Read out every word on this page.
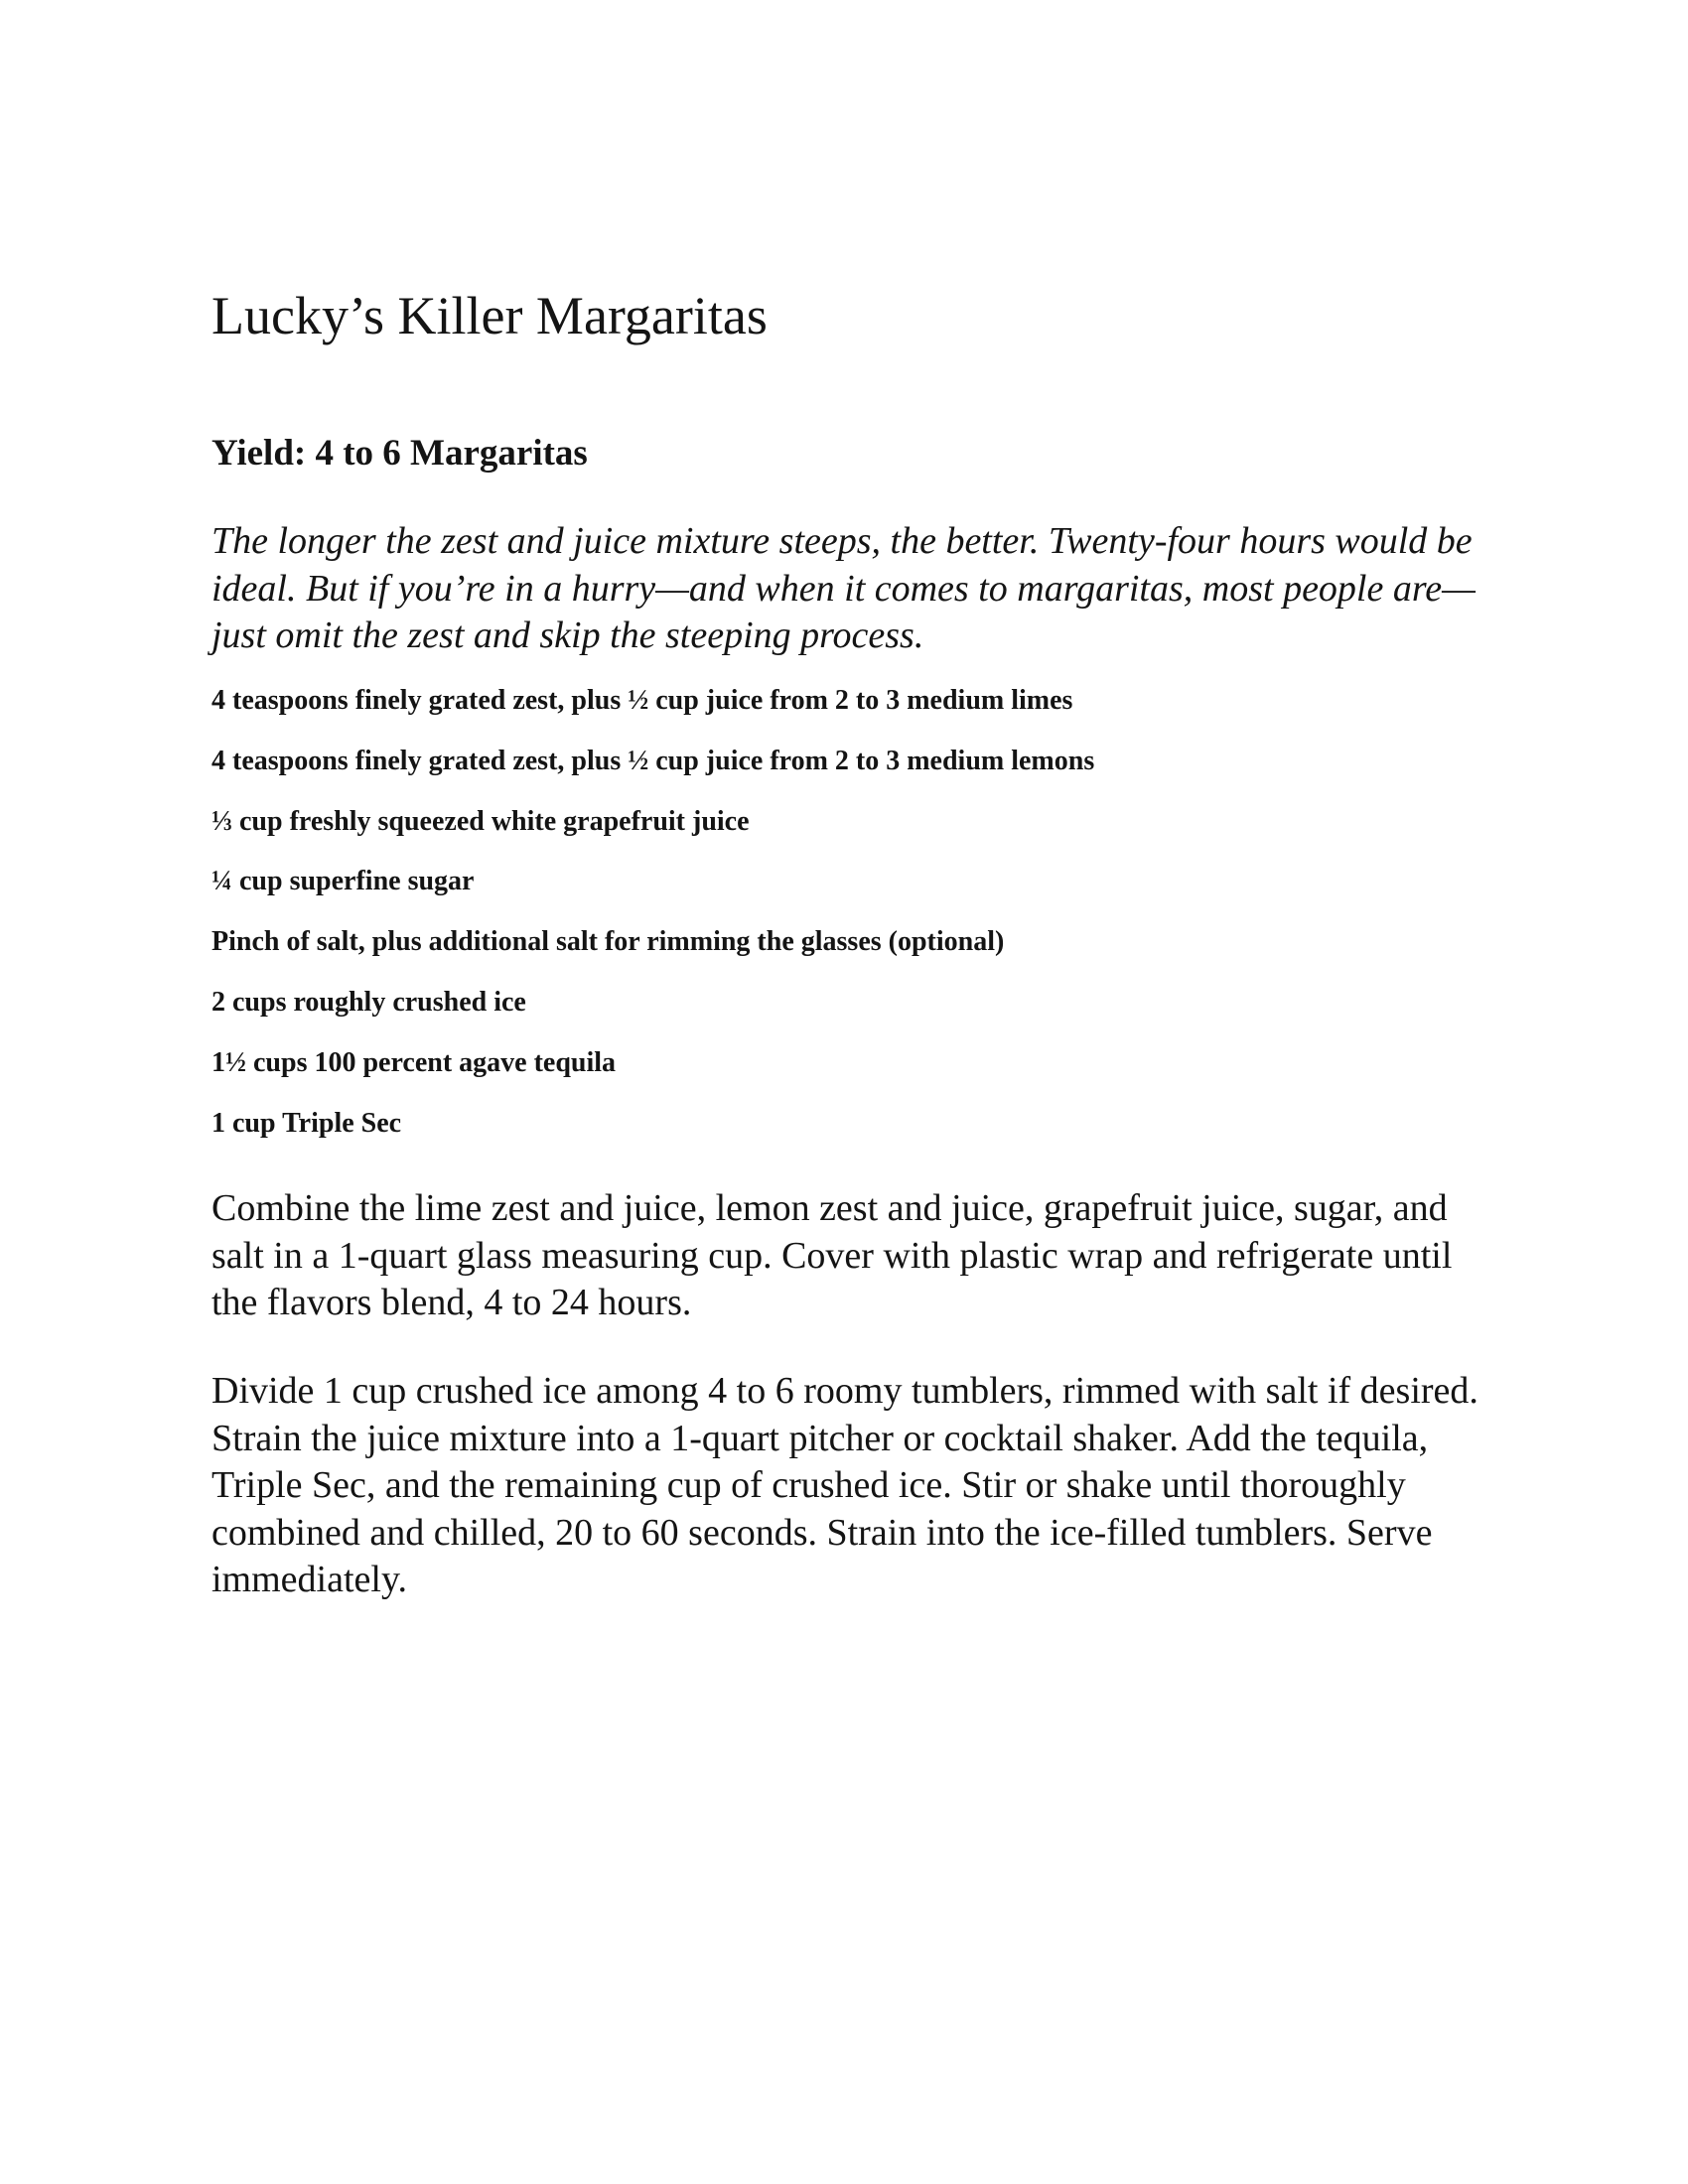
Lucky’s Killer Margaritas
Yield: 4 to 6 Margaritas

The longer the zest and juice mixture steeps, the better. Twenty-four hours would be ideal. But if you’re in a hurry—and when it comes to margaritas, most people are—just omit the zest and skip the steeping process.

4 teaspoons finely grated zest, plus ½ cup juice from 2 to 3 medium limes
4 teaspoons finely grated zest, plus ½ cup juice from 2 to 3 medium lemons
⅓ cup freshly squeezed white grapefruit juice
¼ cup superfine sugar
Pinch of salt, plus additional salt for rimming the glasses (optional)
2 cups roughly crushed ice
1½ cups 100 percent agave tequila
1 cup Triple Sec

Combine the lime zest and juice, lemon zest and juice, grapefruit juice, sugar, and salt in a 1-quart glass measuring cup. Cover with plastic wrap and refrigerate until the flavors blend, 4 to 24 hours.

Divide 1 cup crushed ice among 4 to 6 roomy tumblers, rimmed with salt if desired. Strain the juice mixture into a 1-quart pitcher or cocktail shaker. Add the tequila, Triple Sec, and the remaining cup of crushed ice. Stir or shake until thoroughly combined and chilled, 20 to 60 seconds. Strain into the ice-filled tumblers. Serve immediately.
